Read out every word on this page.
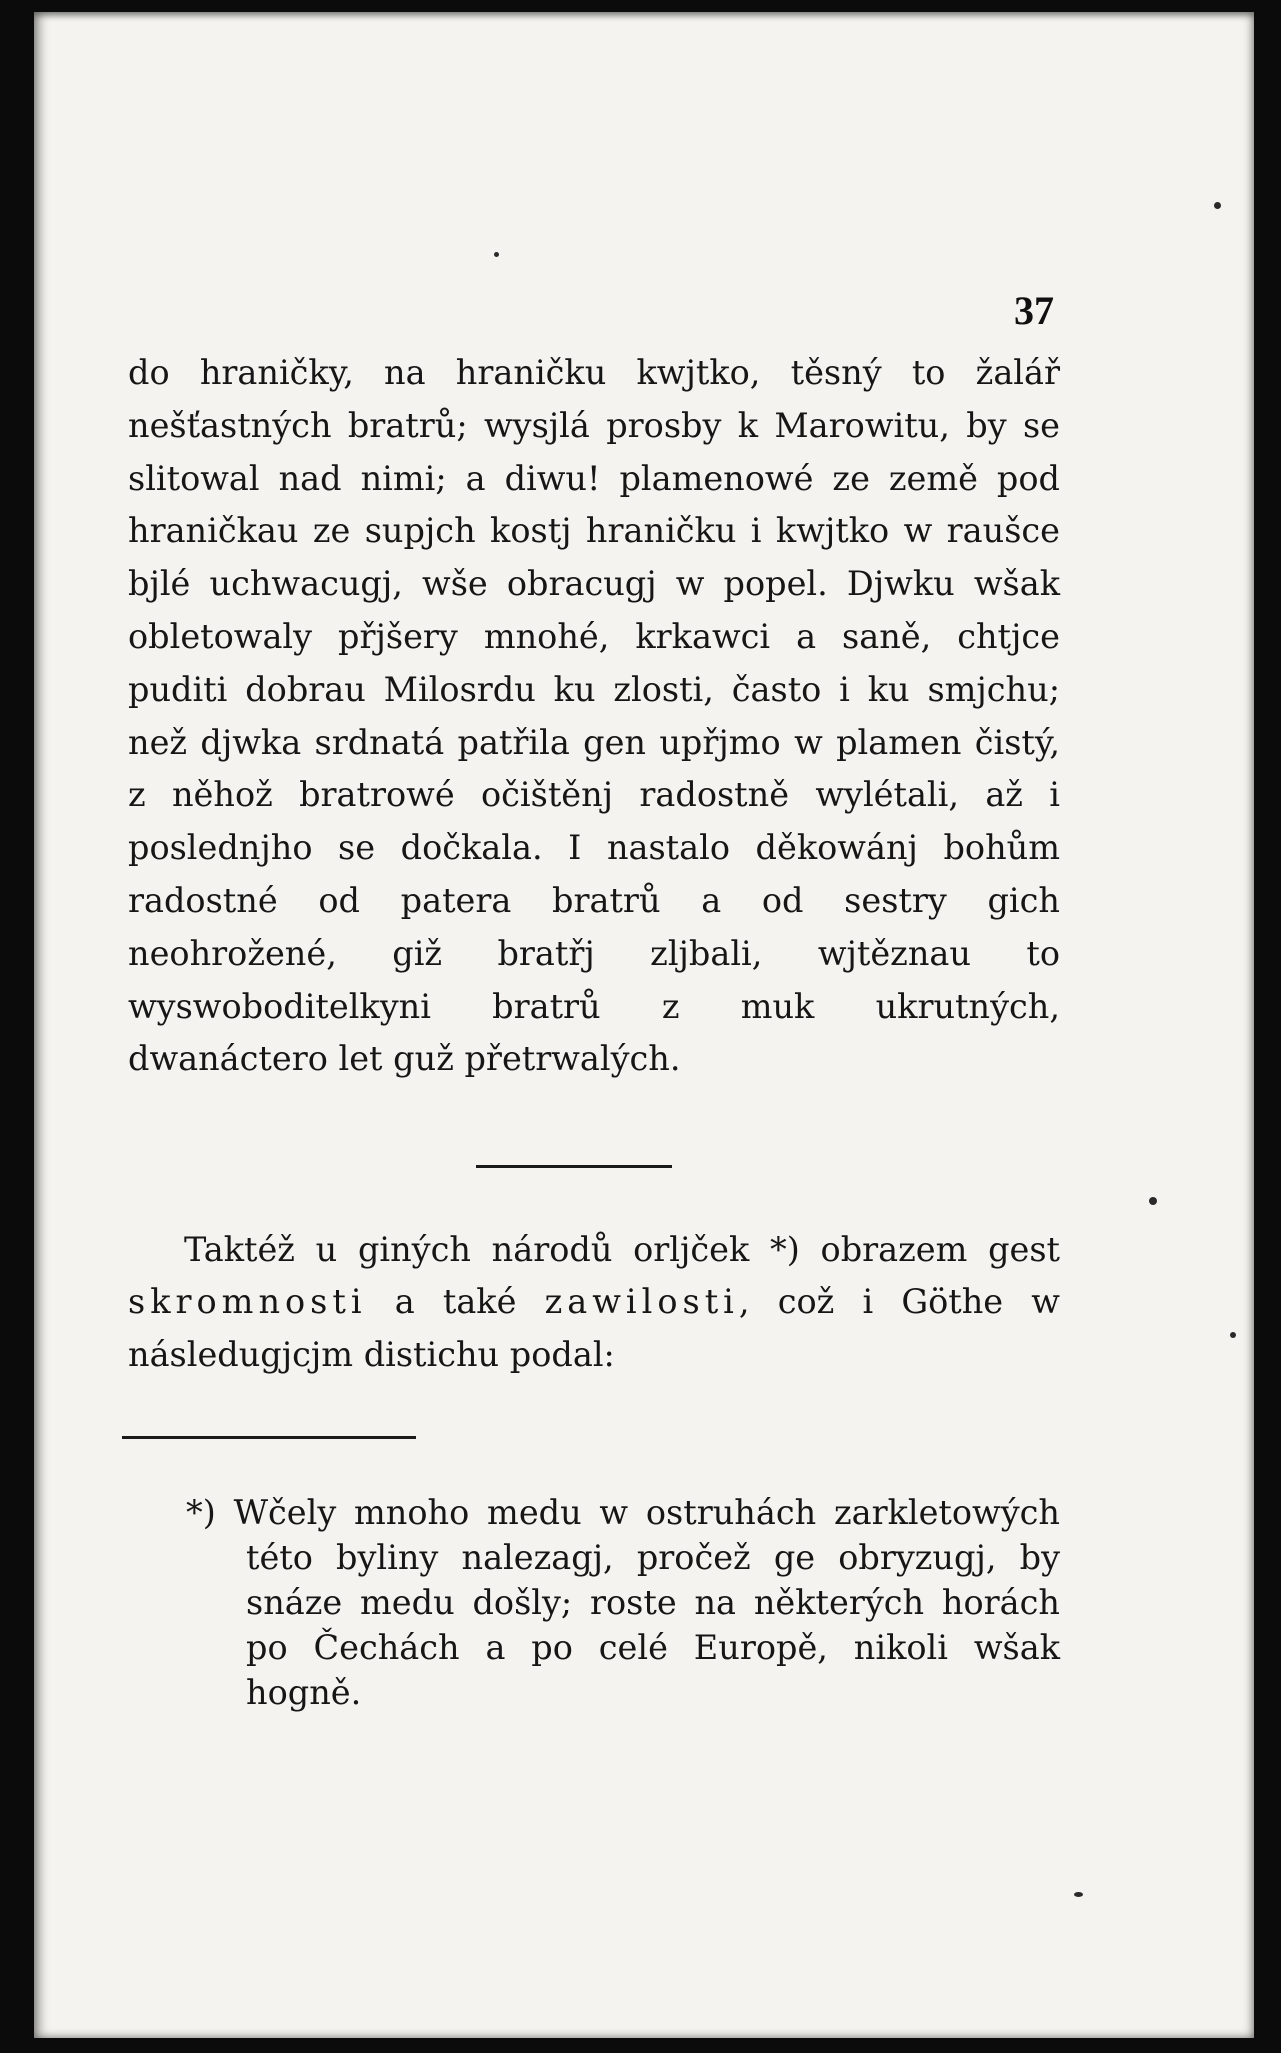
37

do hraničky, na hraničku kwjtko, těsný to žalář nešťastných bratrů; wysjlá prosby k Marowitu, by se slitowal nad nimi; a diwu! plamenowé ze země pod hraničkau ze supjch kostj hraničku i kwjtko w raušce bjlé uchwacugj, wše obracugj w popel. Djwku wšak obletowaly přjšery mnohé, krkawci a saně, chtjce puditi dobrau Milosrdu ku zlosti, často i ku smjchu; než djwka srdnatá patřila gen upřjmo w plamen čistý, z něhož bratrowé očištěnj radostně wylétali, až i poslednjho se dočkala. I nastalo děkowánj bohům radostné od patera bratrů a od sestry gich neohrožené, giž bratřj zljbali, wjtěznau to wyswoboditelkyni bratrů z muk ukrutných, dwanáctero let guž přetrwalých.

Taktéž u giných národů orljček *) obrazem gest skromnosti a také zawilosti, což i Göthe w následugjcjm distichu podal:

*) Wčely mnoho medu w ostruhách zarkletowých této byliny nalezagj, pročež ge obryzugj, by snáze medu došly; roste na některých horách po Čechách a po celé Europě, nikoli wšak hogně.
